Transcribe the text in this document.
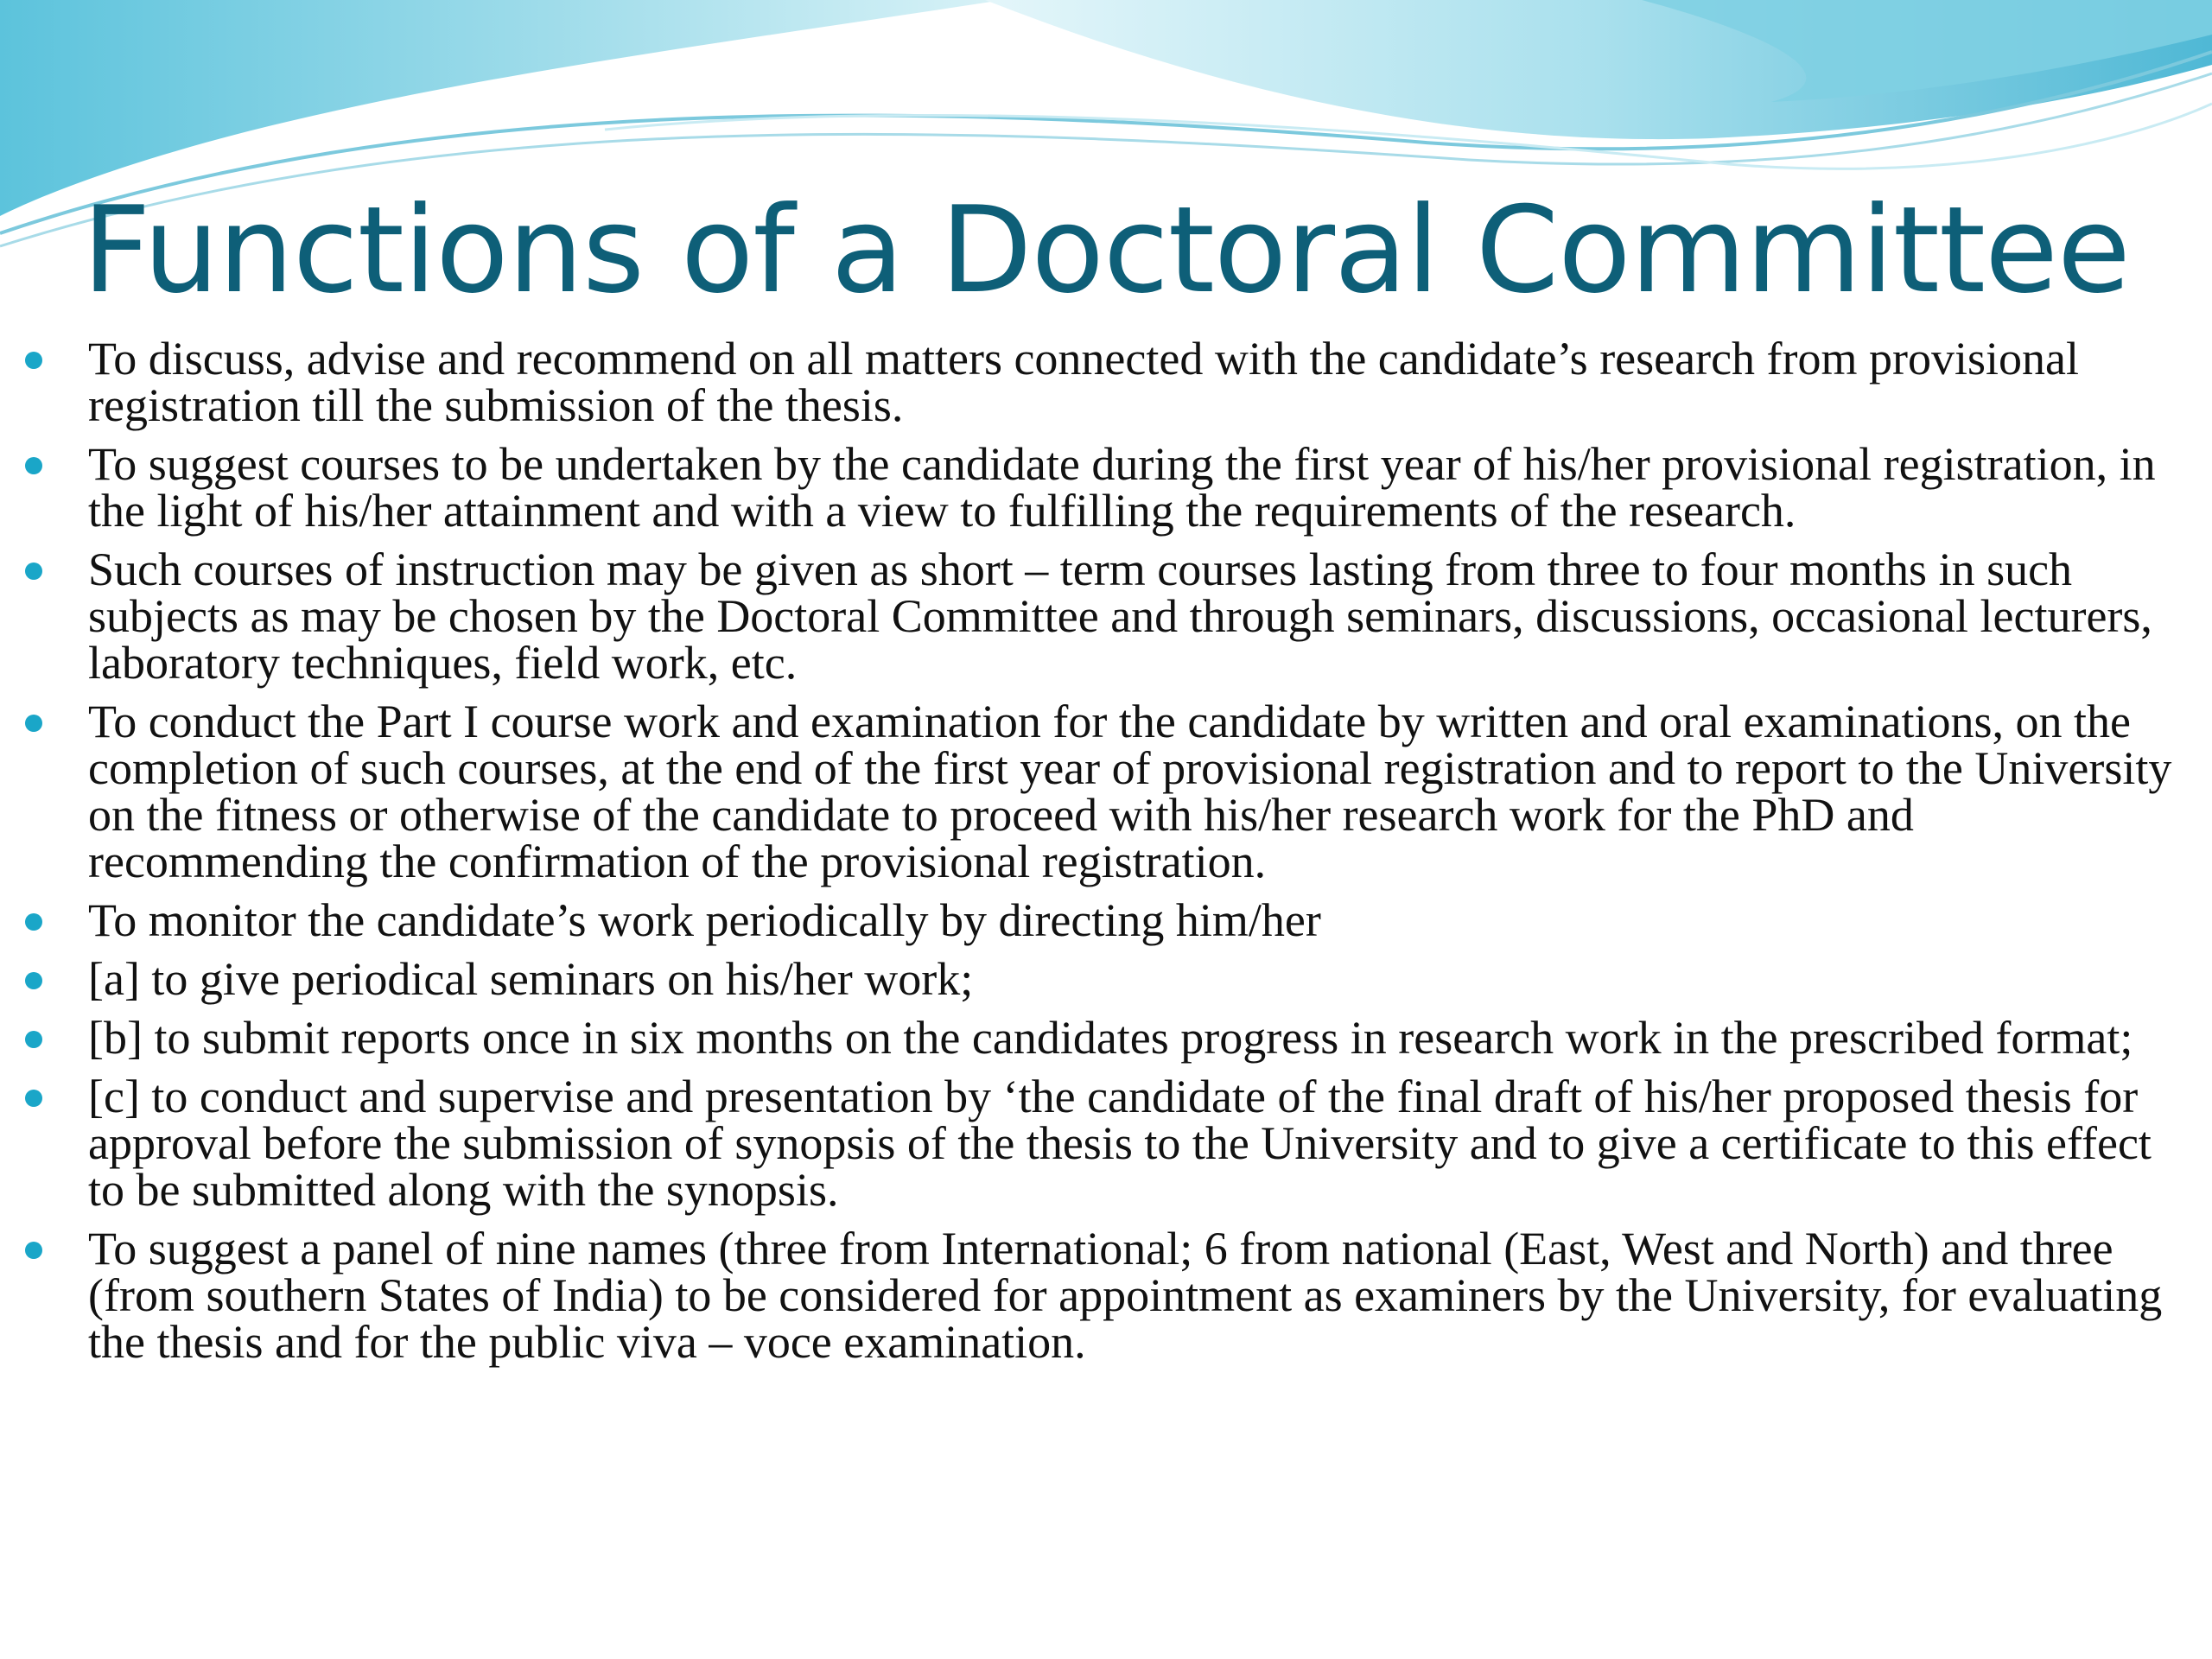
Functions of a Doctoral Committee
To discuss, advise and recommend on all matters connected with the candidate’s research from provisional registration till the submission of the thesis.
To suggest courses to be undertaken by the candidate during the first year of his/her provisional registration, in the light of his/her attainment and with a view to fulfilling the requirements of the research.
Such courses of instruction may be given as short – term courses lasting from three to four months in such subjects as may be chosen by the Doctoral Committee and through seminars, discussions, occasional lecturers, laboratory techniques, field work, etc.
To conduct the Part I course work and examination for the candidate by written and oral examinations, on the completion of such courses, at the end of the first year of provisional registration and to report to the University on the fitness or otherwise of the candidate to proceed with his/her research work for the PhD and recommending the confirmation of the provisional registration.
To monitor the candidate’s work periodically by directing him/her
[a] to give periodical seminars on his/her work;
[b] to submit reports once in six months on the candidates progress in research work in the prescribed format;
[c] to conduct and supervise and presentation by ‘the candidate of the final draft of his/her proposed thesis for approval before the submission of synopsis of the thesis to the University and to give a certificate to this effect to be submitted along with the synopsis.
To suggest a panel of nine names (three from International; 6 from national (East, West and North) and three (from southern States of India) to be considered for appointment as examiners by the University, for evaluating the thesis and for the public viva – voce examination.
